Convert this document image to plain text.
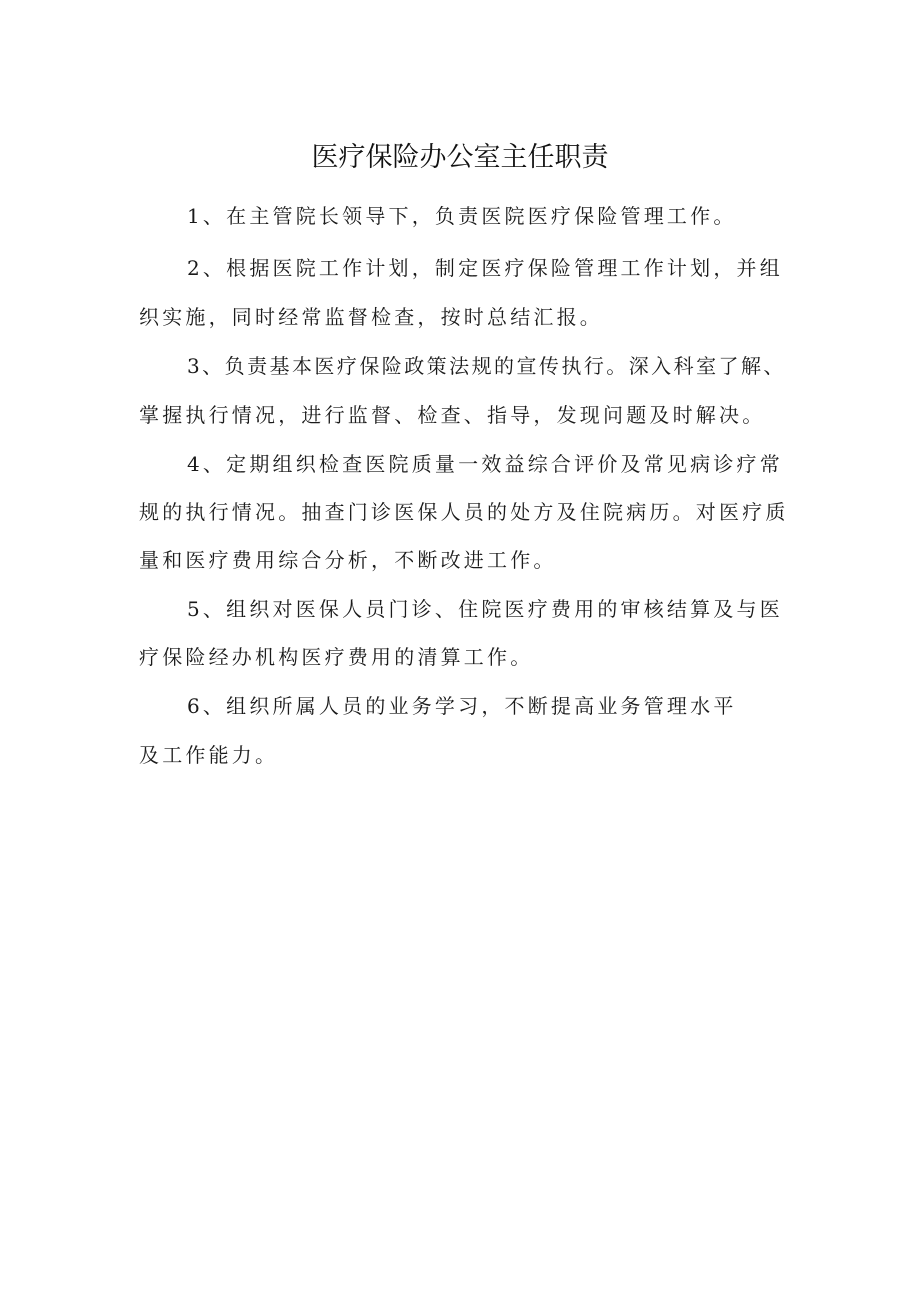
医疗保险办公室主任职责
1、在主管院长领导下，负责医院医疗保险管理工作。
2、根据医院工作计划，制定医疗保险管理工作计划，并组
织实施，同时经常监督检查，按时总结汇报。
3、负责基本医疗保险政策法规的宣传执行。深入科室了解、
掌握执行情况，进行监督、检查、指导，发现问题及时解决。
4、定期组织检查医院质量一效益综合评价及常见病诊疗常
规的执行情况。抽查门诊医保人员的处方及住院病历。对医疗质
量和医疗费用综合分析，不断改进工作。
5、组织对医保人员门诊、住院医疗费用的审核结算及与医
疗保险经办机构医疗费用的清算工作。
6、组织所属人员的业务学习，不断提高业务管理水平
及工作能力。
